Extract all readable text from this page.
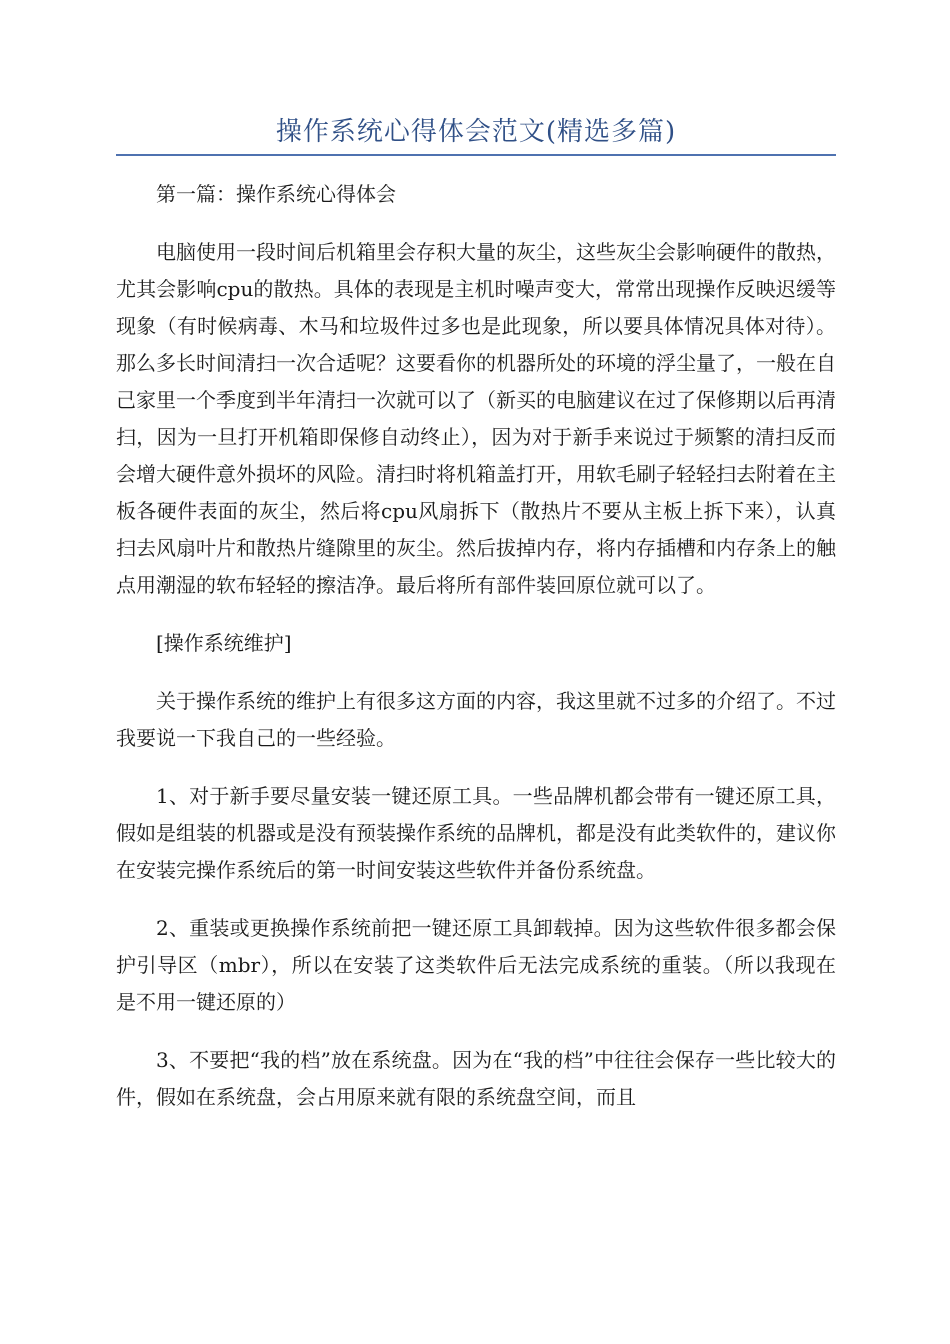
操作系统心得体会范文(精选多篇)

第一篇：操作系统心得体会

电脑使用一段时间后机箱里会存积大量的灰尘，这些灰尘会影响硬件的散热，尤其会影响cpu的散热。具体的表现是主机时噪声变大，常常出现操作反映迟缓等现象（有时候病毒、木马和垃圾件过多也是此现象，所以要具体情况具体对待）。那么多长时间清扫一次合适呢？这要看你的机器所处的环境的浮尘量了，一般在自己家里一个季度到半年清扫一次就可以了（新买的电脑建议在过了保修期以后再清扫，因为一旦打开机箱即保修自动终止），因为对于新手来说过于频繁的清扫反而会增大硬件意外损坏的风险。清扫时将机箱盖打开，用软毛刷子轻轻扫去附着在主板各硬件表面的灰尘，然后将cpu风扇拆下（散热片不要从主板上拆下来），认真扫去风扇叶片和散热片缝隙里的灰尘。然后拔掉内存，将内存插槽和内存条上的触点用潮湿的软布轻轻的擦洁净。最后将所有部件装回原位就可以了。

[操作系统维护]

关于操作系统的维护上有很多这方面的内容，我这里就不过多的介绍了。不过我要说一下我自己的一些经验。

1、对于新手要尽量安装一键还原工具。一些品牌机都会带有一键还原工具，假如是组装的机器或是没有预装操作系统的品牌机，都是没有此类软件的，建议你在安装完操作系统后的第一时间安装这些软件并备份系统盘。

2、重装或更换操作系统前把一键还原工具卸载掉。因为这些软件很多都会保护引导区（mbr），所以在安装了这类软件后无法完成系统的重装。（所以我现在是不用一键还原的）

3、不要把“我的档”放在系统盘。因为在“我的档”中往往会保存一些比较大的件，假如在系统盘，会占用原来就有限的系统盘空间，而且
